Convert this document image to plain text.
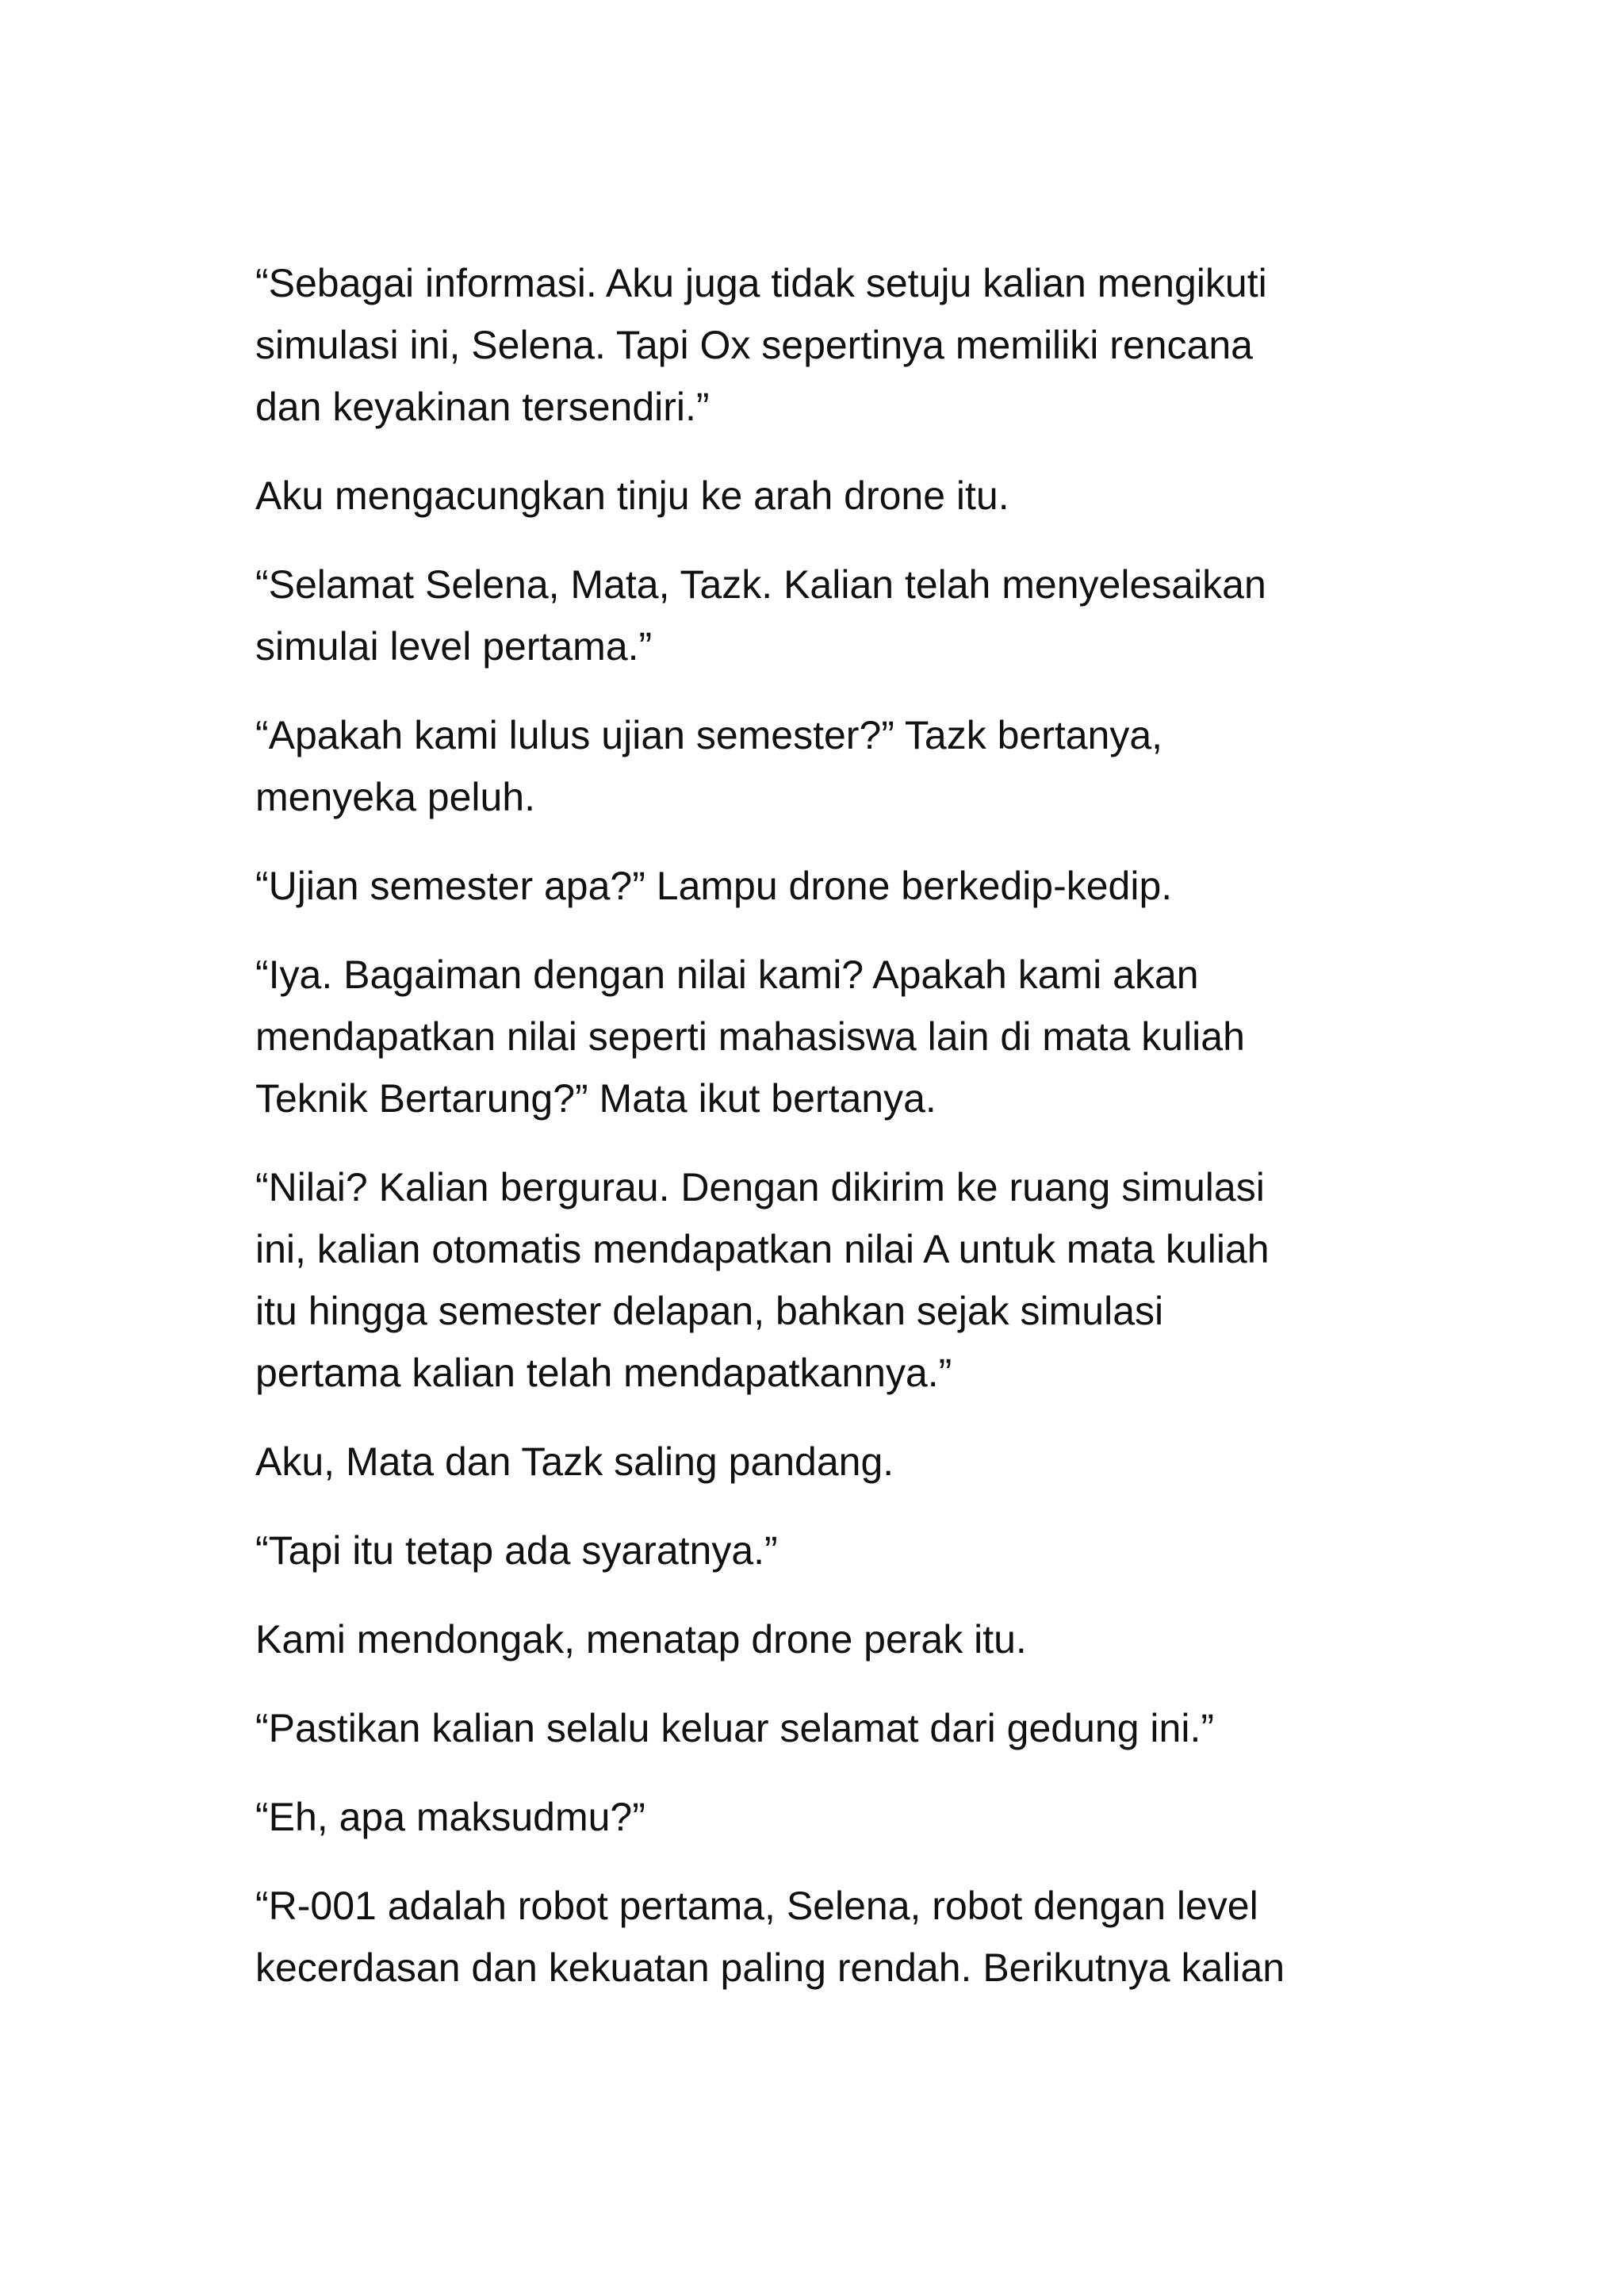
“Sebagai informasi. Aku juga tidak setuju kalian mengikuti
simulasi ini, Selena. Tapi Ox sepertinya memiliki rencana
dan keyakinan tersendiri.”

Aku mengacungkan tinju ke arah drone itu.

“Selamat Selena, Mata, Tazk. Kalian telah menyelesaikan
simulai level pertama.”

“Apakah kami lulus ujian semester?” Tazk bertanya,
menyeka peluh.

“Ujian semester apa?” Lampu drone berkedip-kedip.

“Iya. Bagaiman dengan nilai kami? Apakah kami akan
mendapatkan nilai seperti mahasiswa lain di mata kuliah
Teknik Bertarung?” Mata ikut bertanya.

“Nilai? Kalian bergurau. Dengan dikirim ke ruang simulasi
ini, kalian otomatis mendapatkan nilai A untuk mata kuliah
itu hingga semester delapan, bahkan sejak simulasi
pertama kalian telah mendapatkannya.”

Aku, Mata dan Tazk saling pandang.

“Tapi itu tetap ada syaratnya.”

Kami mendongak, menatap drone perak itu.

“Pastikan kalian selalu keluar selamat dari gedung ini.”

“Eh, apa maksudmu?”

“R-001 adalah robot pertama, Selena, robot dengan level
kecerdasan dan kekuatan paling rendah. Berikutnya kalian
